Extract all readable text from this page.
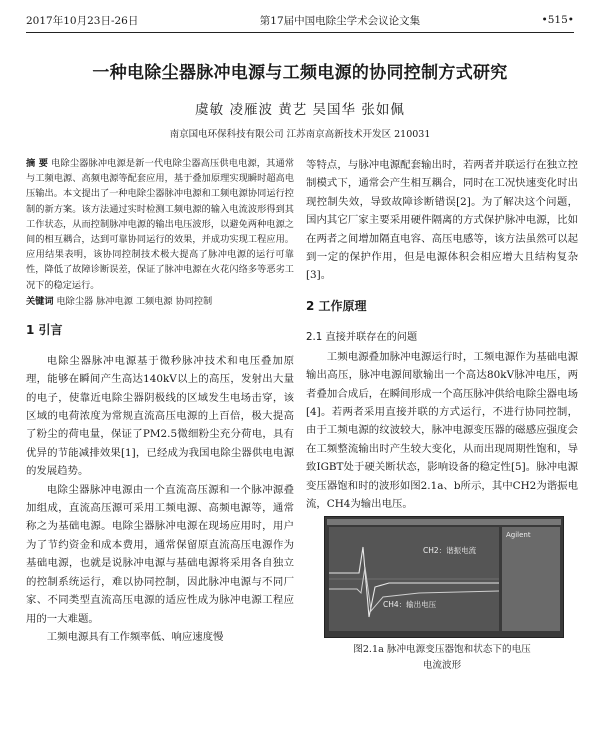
2017年10月23日-26日	第17届中国电除尘学术会议论文集	•515•
一种电除尘器脉冲电源与工频电源的协同控制方式研究
虞敏 凌雁波 黄艺 吴国华 张如佩
南京国电环保科技有限公司 江苏南京高新技术开发区 210031

摘 要 电除尘器脉冲电源是新一代电除尘器高压供电电源，其通常与工频电源、高频电源等配套应用，基于叠加原理实现瞬时超高电压输出。本文提出了一种电除尘器脉冲电源和工频电源协同运行控制的新方案。该方法通过实时检测工频电源的输入电流波形得到其工作状态，从而控制脉冲电源的输出电压波形，以避免两种电源之间的相互耦合，达到可靠协同运行的效果，并成功实现工程应用。应用结果表明，该协同控制技术极大提高了脉冲电源的运行可靠性，降低了故障诊断误差，保证了脉冲电源在火花闪络多等恶劣工况下的稳定运行。

关键词 电除尘器 脉冲电源 工频电源 协同控制

1 引言

电除尘器脉冲电源基于微秒脉冲技术和电压叠加原理，能够在瞬间产生高达140kV以上的高压，发射出大量的电子，使靠近电除尘器阴极线的区域发生电场击穿，该区域的电荷浓度为常规直流高压电源的上百倍，极大提高了粉尘的荷电量，保证了PM2.5微细粉尘充分荷电，具有优异的节能减排效果[1]，已经成为我国电除尘器供电电源的发展趋势。

电除尘器脉冲电源由一个直流高压源和一个脉冲源叠加组成，直流高压源可采用工频电源、高频电源等，通常称之为基础电源。电除尘器脉冲电源在现场应用时，用户为了节约资金和成本费用，通常保留原直流高压电源作为基础电源，也就是说脉冲电源与基础电源将采用各自独立的控制系统运行，难以协同控制，因此脉冲电源与不同厂家、不同类型直流高压电源的适应性成为脉冲电源工程应用的一大难题。

工频电源具有工作频率低、响应速度慢

等特点，与脉冲电源配套输出时，若两者并联运行在独立控制模式下，通常会产生相互耦合，同时在工况快速变化时出现控制失效，导致故障诊断错误[2]。为了解决这个问题，国内其它厂家主要采用硬件隔离的方式保护脉冲电源，比如在两者之间增加隔直电容、高压电感等，该方法虽然可以起到一定的保护作用，但是电源体积会相应增大且结构复杂[3]。

2 工作原理
2.1 直接并联存在的问题

工频电源叠加脉冲电源运行时，工频电源作为基础电源输出高压，脉冲电源间歇输出一个高达80kV脉冲电压，两者叠加合成后，在瞬间形成一个高压脉冲供给电除尘器电场[4]。若两者采用直接并联的方式运行，不进行协同控制，由于工频电源的纹波较大，脉冲电源变压器的磁感应强度会在工频整流输出时产生较大变化，从而出现周期性饱和，导致IGBT处于硬关断状态，影响设备的稳定性[5]。脉冲电源变压器饱和时的波形如图2.1a、b所示，其中CH2为谐振电流，CH4为输出电压。

CH2：谐振电流
CH4：输出电压
Agilent
图2.1a 脉冲电源变压器饱和状态下的电压
电流波形
